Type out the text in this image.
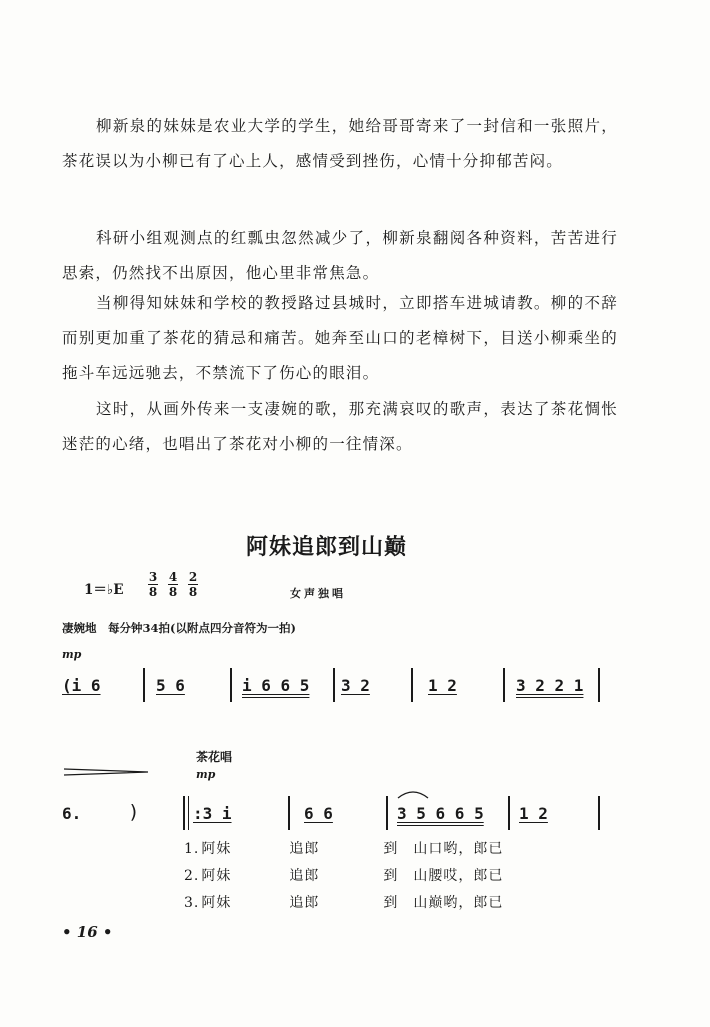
柳新泉的妹妹是农业大学的学生，她给哥哥寄来了一封信和一张照片，茶花误以为小柳已有了心上人，感情受到挫伤，心情十分抑郁苦闷。

科研小组观测点的红瓢虫忽然减少了，柳新泉翻阅各种资料，苦苦进行思索，仍然找不出原因，他心里非常焦急。

当柳得知妹妹和学校的教授路过县城时，立即搭车进城请教。柳的不辞而别更加重了茶花的猜忌和痛苦。她奔至山口的老樟树下，目送小柳乘坐的拖斗车远远驰去，不禁流下了伤心的眼泪。

这时，从画外传来一支凄婉的歌，那充满哀叹的歌声，表达了茶花惆怅迷茫的心绪，也唱出了茶花对小柳的一往情深。

阿妹追郎到山巅
1＝♭E $\frac{3}{8} \frac{4}{8} \frac{2}{8}$	女声独唱
凄婉地　每分钟34拍(以附点四分音符为一拍)
mp
(i 6	5 6	i 6 6 5 3 2	1 2	3 2 2 1
茶花唱
mp
6. )	:3 i	6 6	3 5 6 6 5 1 2
1. 阿妹	追郎	到　山口哟，郎已
2. 阿妹	追郎	到　山腰哎，郎已
3. 阿妹	追郎	到　山巅哟，郎已
• 16 •
